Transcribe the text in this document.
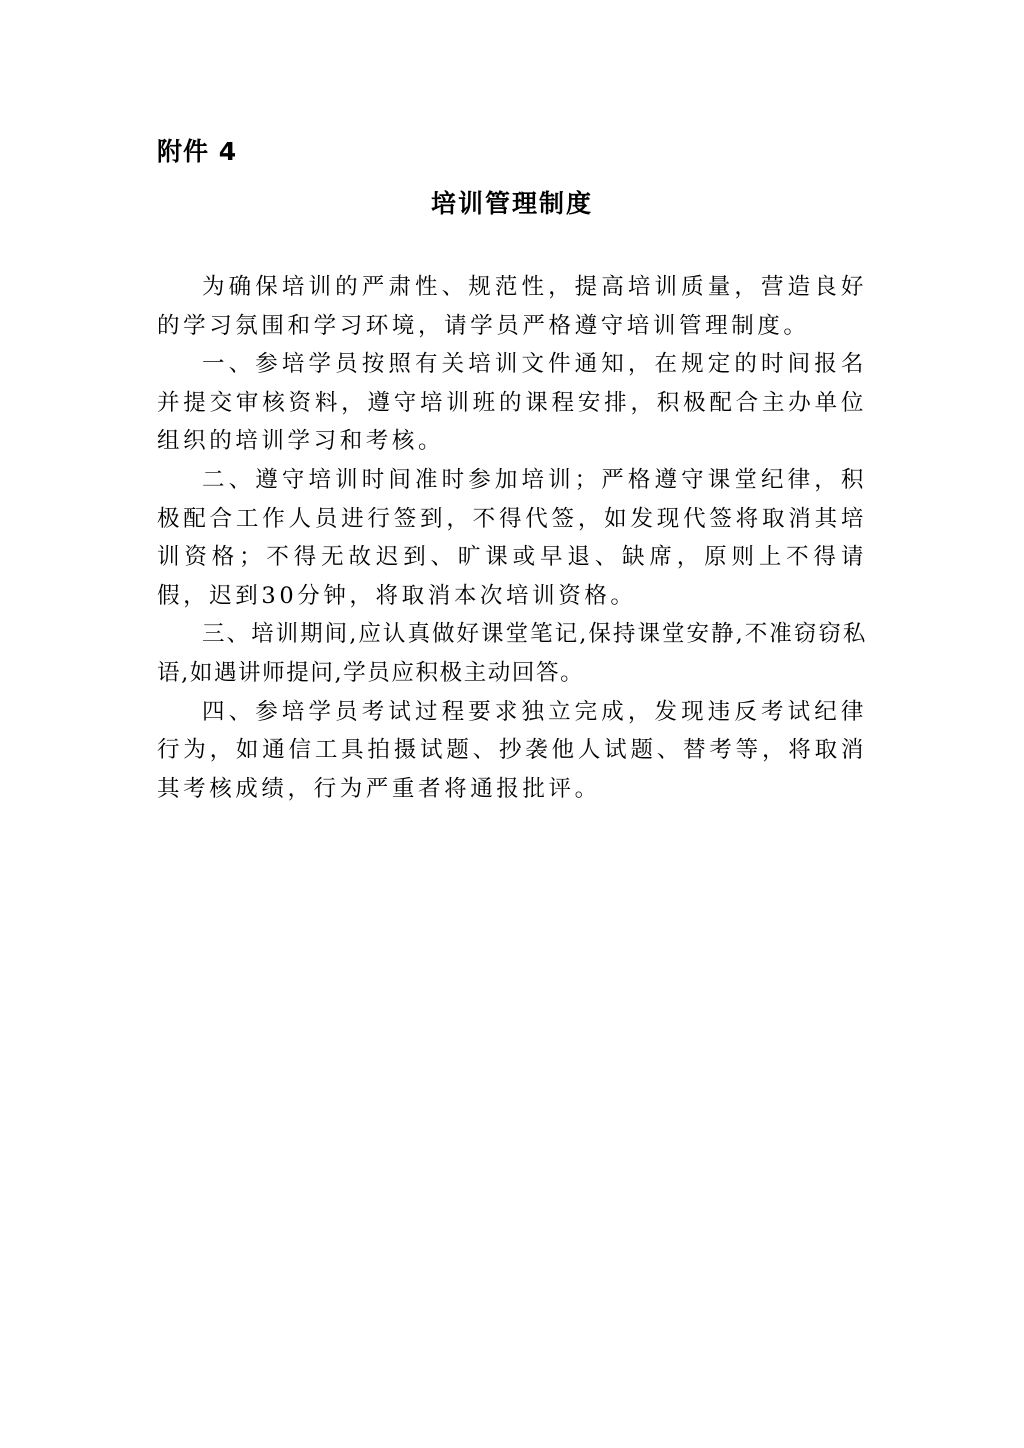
附件 4
培训管理制度

为确保培训的严肃性、规范性，提高培训质量，营造良好的学习氛围和学习环境，请学员严格遵守培训管理制度。

一、参培学员按照有关培训文件通知，在规定的时间报名并提交审核资料，遵守培训班的课程安排，积极配合主办单位组织的培训学习和考核。

二、遵守培训时间准时参加培训；严格遵守课堂纪律，积极配合工作人员进行签到，不得代签，如发现代签将取消其培训资格；不得无故迟到、旷课或早退、缺席，原则上不得请假，迟到30分钟，将取消本次培训资格。

三、培训期间,应认真做好课堂笔记,保持课堂安静,不准窃窃私语,如遇讲师提问,学员应积极主动回答。

四、参培学员考试过程要求独立完成，发现违反考试纪律行为，如通信工具拍摄试题、抄袭他人试题、替考等，将取消其考核成绩，行为严重者将通报批评。
